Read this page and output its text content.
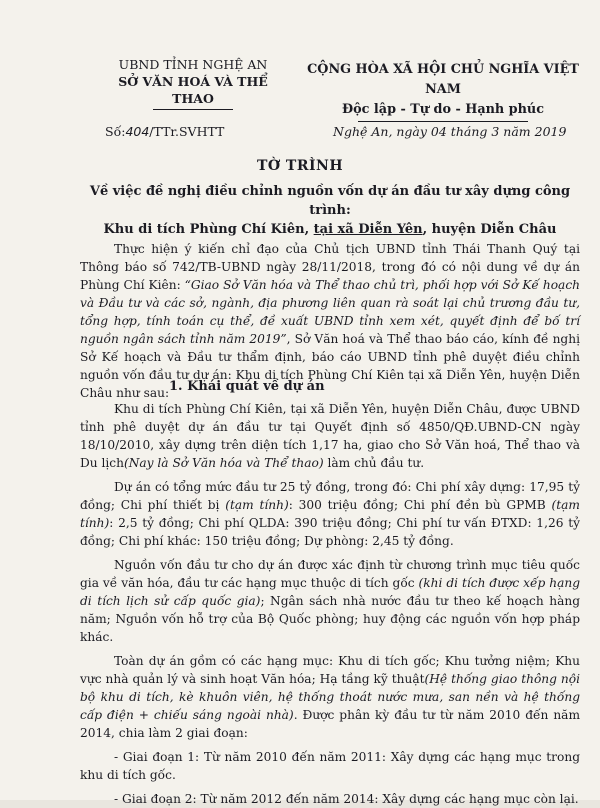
UBND TỈNH NGHỆ AN
SỞ VĂN HOÁ VÀ THỂ THAO
CỘNG HÒA XÃ HỘI CHỦ NGHĨA VIỆT NAM
Độc lập - Tự do - Hạnh phúc
Số:404/TTr.SVHTT	Nghệ An, ngày 04 tháng 3 năm 2019
TỜ TRÌNH
Về việc đề nghị điều chỉnh nguồn vốn dự án đầu tư xây dựng công trình:
Khu di tích Phùng Chí Kiên, tại xã Diễn Yên, huyện Diễn Châu

Thực hiện ý kiến chỉ đạo của Chủ tịch UBND tỉnh Thái Thanh Quý tại Thông báo số 742/TB-UBND ngày 28/11/2018, trong đó có nội dung về dự án Phùng Chí Kiên: “Giao Sở Văn hóa và Thể thao chủ trì, phối hợp với Sở Kế hoạch và Đầu tư và các sở, ngành, địa phương liên quan rà soát lại chủ trương đầu tư, tổng hợp, tính toán cụ thể, đề xuất UBND tỉnh xem xét, quyết định để bố trí nguồn ngân sách tỉnh năm 2019”, Sở Văn hoá và Thể thao báo cáo, kính đề nghị Sở Kế hoạch và Đầu tư thẩm định, báo cáo UBND tỉnh phê duyệt điều chỉnh nguồn vốn đầu tư dự án: Khu di tích Phùng Chí Kiên tại xã Diễn Yên, huyện Diễn Châu như sau: 1. Khái quát về dự án

Khu di tích Phùng Chí Kiên, tại xã Diễn Yên, huyện Diễn Châu, được UBND tỉnh phê duyệt dự án đầu tư tại Quyết định số 4850/QĐ.UBND-CN ngày 18/10/2010, xây dựng trên diện tích 1,17 ha, giao cho Sở Văn hoá, Thể thao và Du lịch(Nay là Sở Văn hóa và Thể thao) làm chủ đầu tư.

Dự án có tổng mức đầu tư 25 tỷ đồng, trong đó: Chi phí xây dựng: 17,95 tỷ đồng; Chi phí thiết bị (tạm tính): 300 triệu đồng; Chi phí đền bù GPMB (tạm tính): 2,5 tỷ đồng; Chi phí QLDA: 390 triệu đồng; Chi phí tư vấn ĐTXD: 1,26 tỷ đồng; Chi phí khác: 150 triệu đồng; Dự phòng: 2,45 tỷ đồng.

Nguồn vốn đầu tư cho dự án được xác định từ chương trình mục tiêu quốc gia về văn hóa, đầu tư các hạng mục thuộc di tích gốc (khi di tích được xếp hạng di tích lịch sử cấp quốc gia); Ngân sách nhà nước đầu tư theo kế hoạch hàng năm; Nguồn vốn hỗ trợ của Bộ Quốc phòng; huy động các nguồn vốn hợp pháp khác.

Toàn dự án gồm có các hạng mục: Khu di tích gốc; Khu tưởng niệm; Khu vực nhà quản lý và sinh hoạt Văn hóa; Hạ tầng kỹ thuật(Hệ thống giao thông nội bộ khu di tích, kè khuôn viên, hệ thống thoát nước mưa, san nền và hệ thống cấp điện + chiếu sáng ngoài nhà). Được phân kỳ đầu tư từ năm 2010 đến năm 2014, chia làm 2 giai đoạn:

- Giai đoạn 1: Từ năm 2010 đến năm 2011: Xây dựng các hạng mục trong khu di tích gốc.

- Giai đoạn 2: Từ năm 2012 đến năm 2014: Xây dựng các hạng mục còn lại.
